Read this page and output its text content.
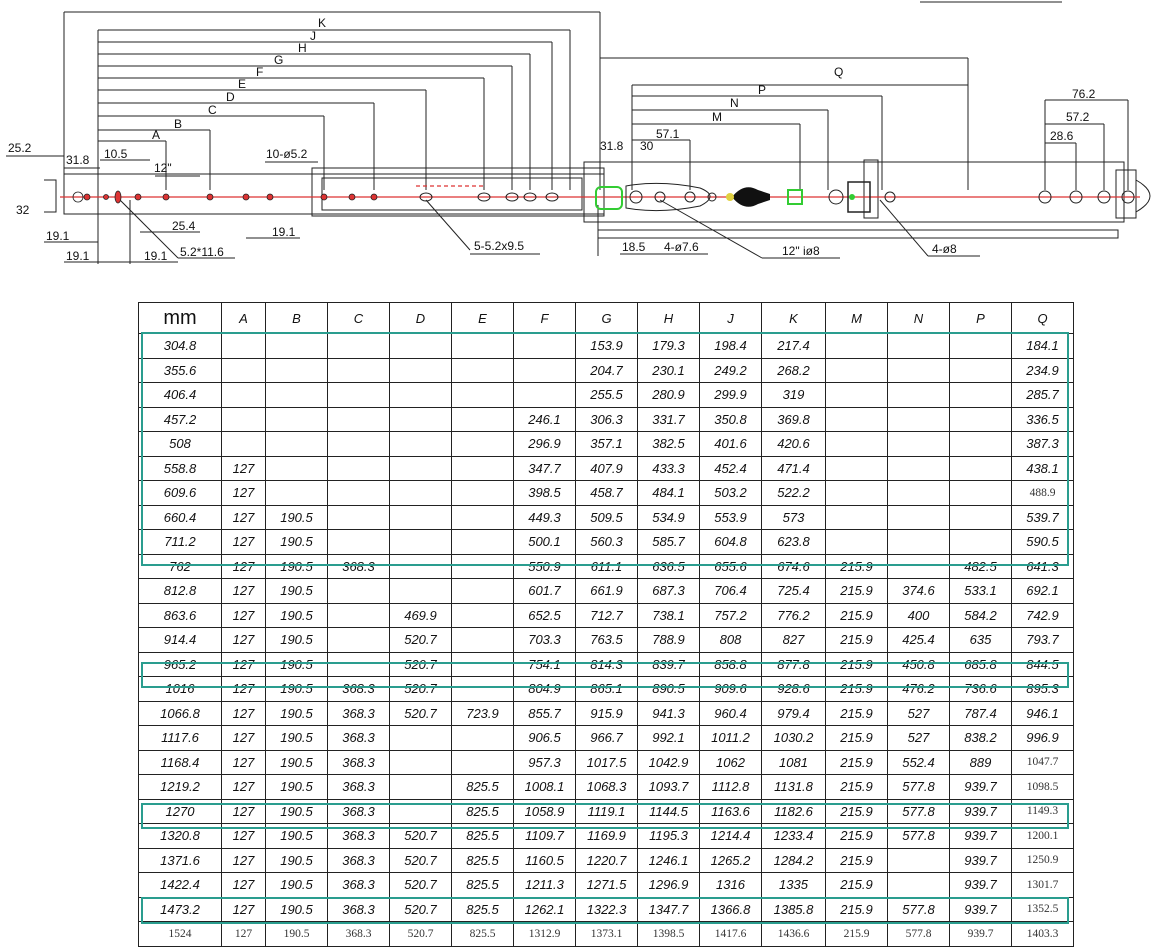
K
J
H
G
F
E
D
C
B
A
Q
P
N
M
25.2
31.8 10.5
12"
10-ø5.2
32
19.1
19.1	19.1
19.1
25.4
5.2*11.6	5-5.2x9.5
31.8 30
57.1
18.5 4-ø7.6	12" iø8	4-ø8
76.2
57.2
28.6
mm	A	B	C	D	E	F	G	H	J	K	M	N	P	Q
304.8							153.9	179.3	198.4	217.4				184.1
355.6							204.7	230.1	249.2	268.2				234.9
406.4							255.5	280.9	299.9	319				285.7
457.2						246.1	306.3	331.7	350.8	369.8				336.5
508						296.9	357.1	382.5	401.6	420.6				387.3
558.8	127					347.7	407.9	433.3	452.4	471.4				438.1
609.6	127					398.5	458.7	484.1	503.2	522.2				488.9
660.4	127	190.5				449.3	509.5	534.9	553.9	573				539.7
711.2	127	190.5				500.1	560.3	585.7	604.8	623.8				590.5
762	127	190.5	368.3			550.9	611.1	636.5	655.6	674.6	215.9		482.5	641.3
812.8	127	190.5				601.7	661.9	687.3	706.4	725.4	215.9	374.6	533.1	692.1
863.6	127	190.5		469.9		652.5	712.7	738.1	757.2	776.2	215.9	400	584.2	742.9
914.4	127	190.5		520.7		703.3	763.5	788.9	808	827	215.9	425.4	635	793.7
965.2	127	190.5		520.7		754.1	814.3	839.7	858.8	877.8	215.9	450.8	685.8	844.5
1016	127	190.5	368.3	520.7		804.9	865.1	890.5	909.6	928.6	215.9	476.2	736.6	895.3
1066.8	127	190.5	368.3	520.7	723.9	855.7	915.9	941.3	960.4	979.4	215.9	527	787.4	946.1
1117.6	127	190.5	368.3			906.5	966.7	992.1	1011.2	1030.2	215.9	527	838.2	996.9
1168.4	127	190.5	368.3			957.3	1017.5	1042.9	1062	1081	215.9	552.4	889	1047.7
1219.2	127	190.5	368.3		825.5	1008.1	1068.3	1093.7	1112.8	1131.8	215.9	577.8	939.7	1098.5
1270	127	190.5	368.3		825.5	1058.9	1119.1	1144.5	1163.6	1182.6	215.9	577.8	939.7	1149.3
1320.8	127	190.5	368.3	520.7	825.5	1109.7	1169.9	1195.3	1214.4	1233.4	215.9	577.8	939.7	1200.1
1371.6	127	190.5	368.3	520.7	825.5	1160.5	1220.7	1246.1	1265.2	1284.2	215.9		939.7	1250.9
1422.4	127	190.5	368.3	520.7	825.5	1211.3	1271.5	1296.9	1316	1335	215.9		939.7	1301.7
1473.2	127	190.5	368.3	520.7	825.5	1262.1	1322.3	1347.7	1366.8	1385.8	215.9	577.8	939.7	1352.5
1524	127	190.5	368.3	520.7	825.5	1312.9	1373.1	1398.5	1417.6	1436.6	215.9	577.8	939.7	1403.3
